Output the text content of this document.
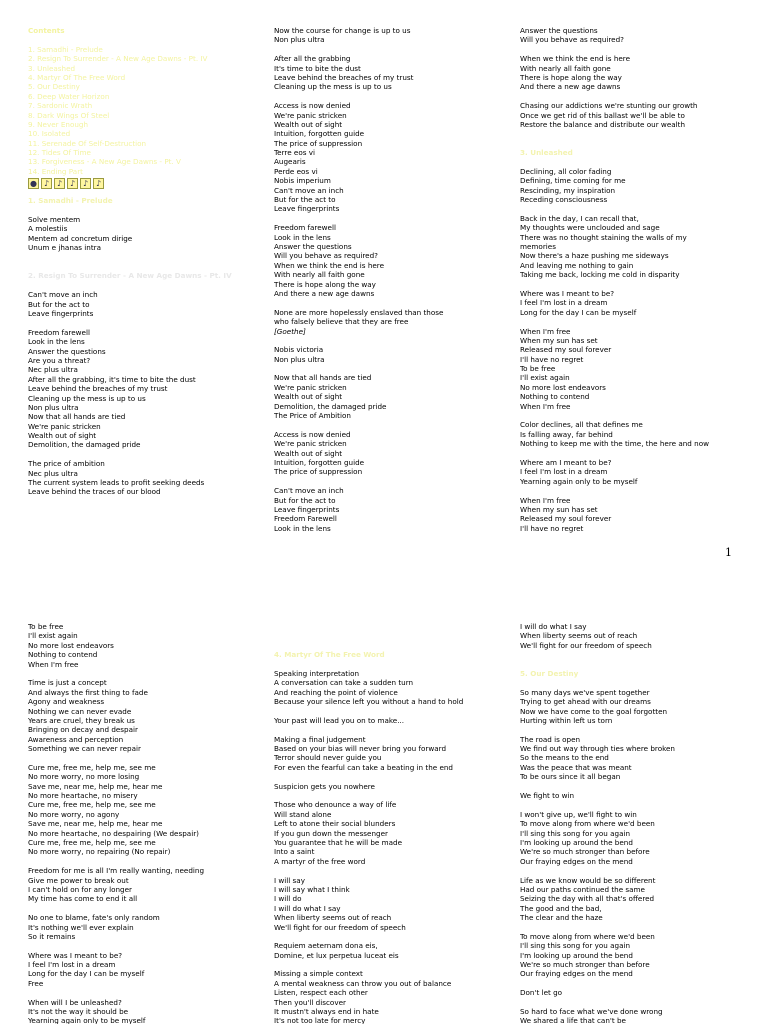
Contents
1. Samadhi - Prelude
2. Resign To Surrender - A New Age Dawns - Pt. IV
3. Unleashed
4. Martyr Of The Free Word
5. Our Destiny
6. Deep Water Horizon
7. Sardonic Wrath
8. Dark Wings Of Steel
9. Never Enough
10. Isolated
11. Serenade Of Self-Destruction
12. Tides Of Time
13. Forgiveness - A New Age Dawns - Pt. V
14. Ending Part
● ♪ ♪ ♪ ♪ ♪
1. Samadhi - Prelude
Solve mentem
A molestiis
Mentem ad concretum dirige
Unum e jhanas intra
2. Resign To Surrender - A New Age Dawns - Pt. IV
Can't move an inch
But for the act to
Leave fingerprints
Freedom farewell
Look in the lens
Answer the questions
Are you a threat?
Nec plus ultra
After all the grabbing, it's time to bite the dust
Leave behind the breaches of my trust
Cleaning up the mess is up to us
Non plus ultra
Now that all hands are tied
We're panic stricken
Wealth out of sight
Demolition, the damaged pride
The price of ambition
Nec plus ultra
The current system leads to profit seeking deeds
Leave behind the traces of our blood
Now the course for change is up to us
Non plus ultra
After all the grabbing
It's time to bite the dust
Leave behind the breaches of my trust
Cleaning up the mess is up to us
Access is now denied
We're panic stricken
Wealth out of sight
Intuition, forgotten guide
The price of suppression
Terre eos vi
Augearis
Perde eos vi
Nobis imperium
Can't move an inch
But for the act to
Leave fingerprints
Freedom farewell
Look in the lens
Answer the questions
Will you behave as required?
When we think the end is here
With nearly all faith gone
There is hope along the way
And there a new age dawns
None are more hopelessly enslaved than those
who falsely believe that they are free
[Goethe]
Nobis victoria
Non plus ultra
Now that all hands are tied
We're panic stricken
Wealth out of sight
Demolition, the damaged pride
The Price of Ambition
Access is now denied
We're panic stricken
Wealth out of sight
Intuition, forgotten guide
The price of suppression
Can't move an inch
But for the act to
Leave fingerprints
Freedom Farewell
Look in the lens
Answer the questions
Will you behave as required?
When we think the end is here
With nearly all faith gone
There is hope along the way
And there a new age dawns
Chasing our addictions we're stunting our growth
Once we get rid of this ballast we'll be able to
Restore the balance and distribute our wealth
3. Unleashed
Declining, all color fading
Defining, time coming for me
Rescinding, my inspiration
Receding consciousness
Back in the day, I can recall that,
My thoughts were unclouded and sage
There was no thought staining the walls of my
memories
Now there's a haze pushing me sideways
And leaving me nothing to gain
Taking me back, locking me cold in disparity
Where was I meant to be?
I feel I'm lost in a dream
Long for the day I can be myself
When I'm free
When my sun has set
Released my soul forever
I'll have no regret
To be free
I'll exist again
No more lost endeavors
Nothing to contend
When I'm free
Color declines, all that defines me
Is falling away, far behind
Nothing to keep me with the time, the here and now
Where am I meant to be?
I feel I'm lost in a dream
Yearning again only to be myself
When I'm free
When my sun has set
Released my soul forever
I'll have no regret
1
To be free
I'll exist again
No more lost endeavors
Nothing to contend
When I'm free
Time is just a concept
And always the first thing to fade
Agony and weakness
Nothing we can never evade
Years are cruel, they break us
Bringing on decay and despair
Awareness and perception
Something we can never repair
Cure me, free me, help me, see me
No more worry, no more losing
Save me, near me, help me, hear me
No more heartache, no misery
Cure me, free me, help me, see me
No more worry, no agony
Save me, near me, help me, hear me
No more heartache, no despairing (We despair)
Cure me, free me, help me, see me
No more worry, no repairing (No repair)
Freedom for me is all I'm really wanting, needing
Give me power to break out
I can't hold on for any longer
My time has come to end it all
No one to blame, fate's only random
It's nothing we'll ever explain
So it remains
Where was I meant to be?
I feel I'm lost in a dream
Long for the day I can be myself
Free
When will I be unleashed?
It's not the way it should be
Yearning again only to be myself
4. Martyr Of The Free Word
Speaking interpretation
A conversation can take a sudden turn
And reaching the point of violence
Because your silence left you without a hand to hold
Your past will lead you on to make...
Making a final judgement
Based on your bias will never bring you forward
Terror should never guide you
For even the fearful can take a beating in the end
Suspicion gets you nowhere
Those who denounce a way of life
Will stand alone
Left to atone their social blunders
If you gun down the messenger
You guarantee that he will be made
Into a saint
A martyr of the free word
I will say
I will say what I think
I will do
I will do what I say
When liberty seems out of reach
We'll fight for our freedom of speech
Requiem aeternam dona eis,
Domine, et lux perpetua luceat eis
Missing a simple context
A mental weakness can throw you out of balance
Listen, respect each other
Then you'll discover
It mustn't always end in hate
It's not too late for mercy
I will do what I say
When liberty seems out of reach
We'll fight for our freedom of speech
5. Our Destiny
So many days we've spent together
Trying to get ahead with our dreams
Now we have come to the goal forgotten
Hurting within left us torn
The road is open
We find out way through ties where broken
So the means to the end
Was the peace that was meant
To be ours since it all began
We fight to win
I won't give up, we'll fight to win
To move along from where we'd been
I'll sing this song for you again
I'm looking up around the bend
We're so much stronger than before
Our fraying edges on the mend
Life as we know would be so different
Had our paths continued the same
Seizing the day with all that's offered
The good and the bad,
The clear and the haze
To move along from where we'd been
I'll sing this song for you again
I'm looking up around the bend
We're so much stronger than before
Our fraying edges on the mend
Don't let go
So hard to face what we've done wrong
We shared a life that can't be
